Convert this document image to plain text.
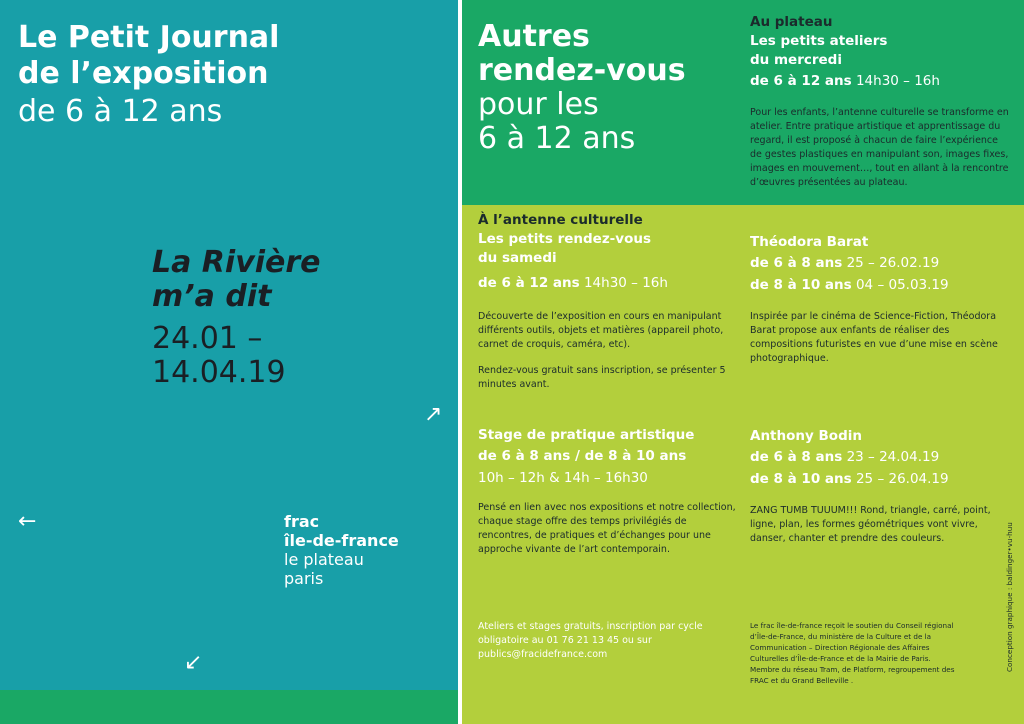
Le Petit Journal
de l’exposition
de 6 à 12 ans
La Rivière
m’a dit
24.01 –
14.04.19
↗
←
↙
frac
île-de-france
le plateau
paris
Autres
rendez-vous
pour les
6 à 12 ans
Au plateau
Les petits ateliers
du mercredi
de 6 à 12 ans 14h30 – 16h
Pour les enfants, l’antenne culturelle se transforme en atelier. Entre pratique artistique et apprentissage du regard, il est proposé à chacun de faire l’expérience de gestes plastiques en manipulant son, images fixes, images en mouvement…, tout en allant à la rencontre d’œuvres présentées au plateau.
À l’antenne culturelle
Les petits rendez-vous
du samedi
de 6 à 12 ans 14h30 – 16h
Découverte de l’exposition en cours en manipulant différents outils, objets et matières (appareil photo, carnet de croquis, caméra, etc).
Rendez-vous gratuit sans inscription, se présenter 5 minutes avant.
Stage de pratique artistique
de 6 à 8 ans / de 8 à 10 ans
10h – 12h & 14h – 16h30
Pensé en lien avec nos expositions et notre collection, chaque stage offre des temps privilégiés de rencontres, de pratiques et d’échanges pour une approche vivante de l’art contemporain.
Ateliers et stages gratuits, inscription par cycle obligatoire au 01 76 21 13 45 ou sur publics@fracidefrance.com
Théodora Barat
de 6 à 8 ans 25 – 26.02.19
de 8 à 10 ans 04 – 05.03.19
Inspirée par le cinéma de Science-Fiction, Théodora Barat propose aux enfants de réaliser des compositions futuristes en vue d’une mise en scène photographique.
Anthony Bodin
de 6 à 8 ans 23 – 24.04.19
de 8 à 10 ans 25 – 26.04.19
ZANG TUMB TUUUM!!! Rond, triangle, carré, point, ligne, plan, les formes géométriques vont vivre, danser, chanter et prendre des couleurs.
Le frac île-de-france reçoit le soutien du Conseil régional d’Île-de-France, du ministère de la Culture et de la Communication – Direction Régionale des Affaires Culturelles d’Île-de-France et de la Mairie de Paris. Membre du réseau Tram, de Platform, regroupement des FRAC et du Grand Belleville .
Conception graphique : baldinger•vu-huu
